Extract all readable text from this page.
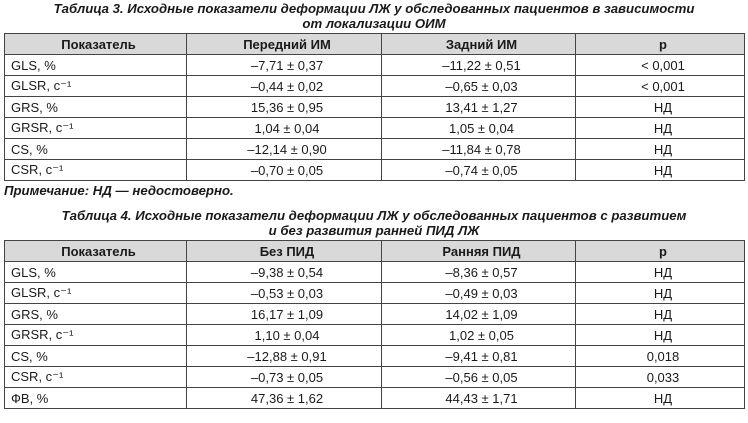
Таблица 3. Исходные показатели деформации ЛЖ у обследованных пациентов в зависимости
от локализации ОИМ
Показатель	Передний ИМ	Задний ИМ	p
GLS, %	–7,71 ± 0,37	–11,22 ± 0,51	< 0,001
GLSR, с⁻¹	–0,44 ± 0,02	–0,65 ± 0,03	< 0,001
GRS, %	15,36 ± 0,95	13,41 ± 1,27	НД
GRSR, с⁻¹	1,04 ± 0,04	1,05 ± 0,04	НД
CS, %	–12,14 ± 0,90	–11,84 ± 0,78	НД
CSR, с⁻¹	–0,70 ± 0,05	–0,74 ± 0,05	НД
Примечание: НД — недостоверно.
Таблица 4. Исходные показатели деформации ЛЖ у обследованных пациентов с развитием
и без развития ранней ПИД ЛЖ
Показатель	Без ПИД	Ранняя ПИД	p
GLS, %	–9,38 ± 0,54	–8,36 ± 0,57	НД
GLSR, с⁻¹	–0,53 ± 0,03	–0,49 ± 0,03	НД
GRS, %	16,17 ± 1,09	14,02 ± 1,09	НД
GRSR, с⁻¹	1,10 ± 0,04	1,02 ± 0,05	НД
CS, %	–12,88 ± 0,91	–9,41 ± 0,81	0,018
CSR, с⁻¹	–0,73 ± 0,05	–0,56 ± 0,05	0,033
ФВ, %	47,36 ± 1,62	44,43 ± 1,71	НД
